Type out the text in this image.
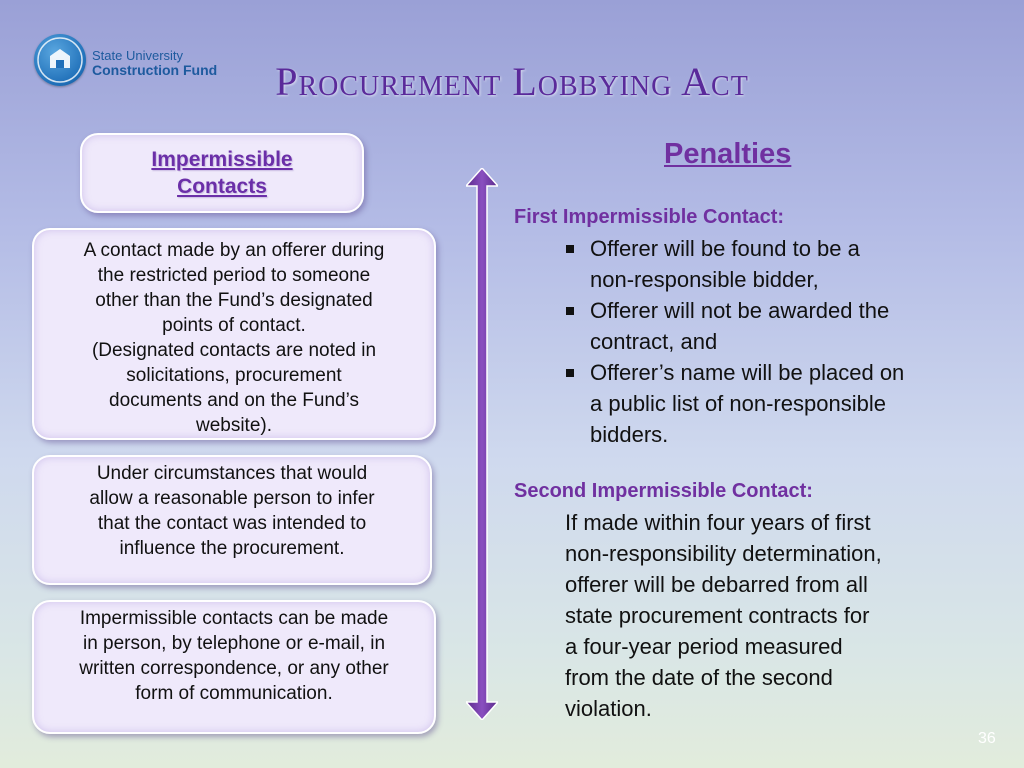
State University
Construction Fund	Procurement Lobbying Act
Impermissible
Contacts
A contact made by an offerer during
the restricted period to someone
other than the Fund’s designated
points of contact.
(Designated contacts are noted in
solicitations, procurement
documents and on the Fund’s
website).
Under circumstances that would
allow a reasonable person to infer
that the contact was intended to
influence the procurement.
Impermissible contacts can be made
in person, by telephone or e-mail, in
written correspondence, or any other
form of communication.
Penalties
First Impermissible Contact:
Offerer will be found to be a
non-responsible bidder,
Offerer will not be awarded the
contract, and
Offerer’s name will be placed on
a public list of non-responsible
bidders.
Second Impermissible Contact:
If made within four years of first
non-responsibility determination,
offerer will be debarred from all
state procurement contracts for
a four-year period measured
from the date of the second
violation.
36
